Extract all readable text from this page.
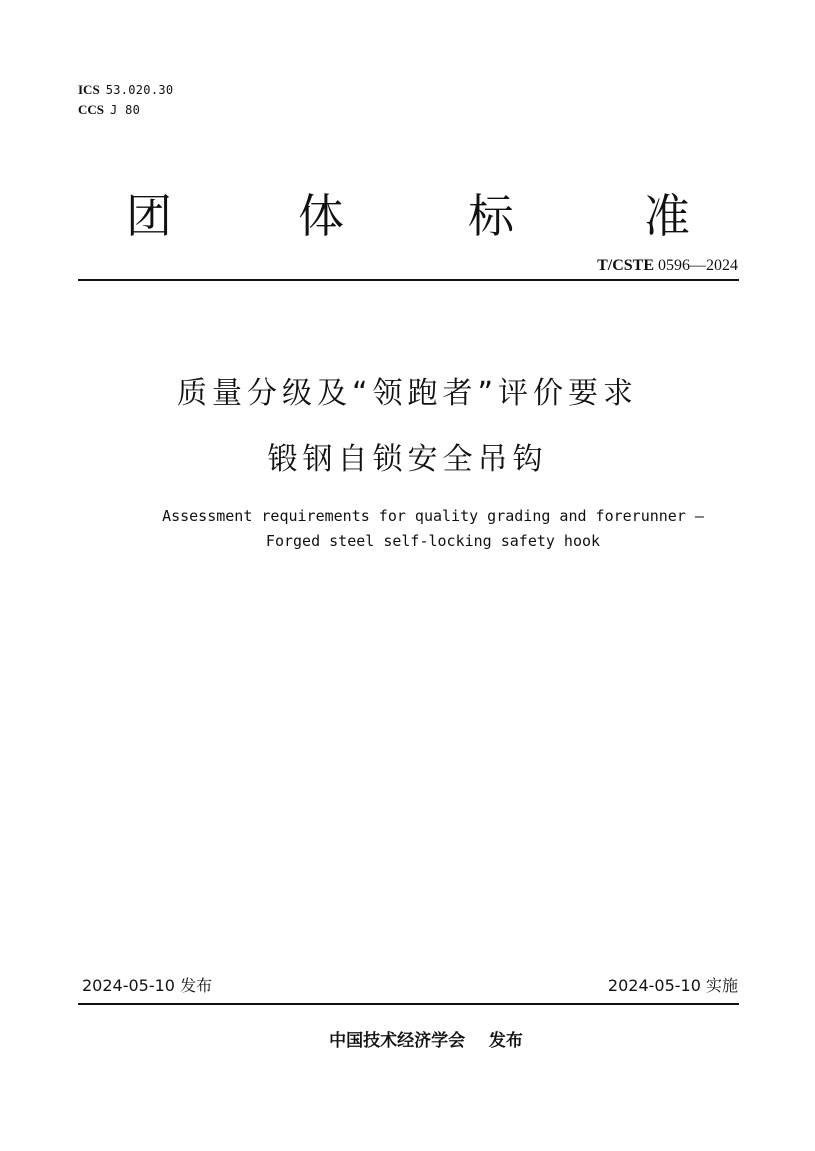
ICS 53.020.30
CCS J 80
团	体	标	准
T/CSTE 0596—2024
质量分级及“领跑者”评价要求
锻钢自锁安全吊钩
Assessment requirements for quality grading and forerunner —
Forged steel self-locking safety hook
2024-05-10 发布	2024-05-10 实施
中国技术经济学会 发布
